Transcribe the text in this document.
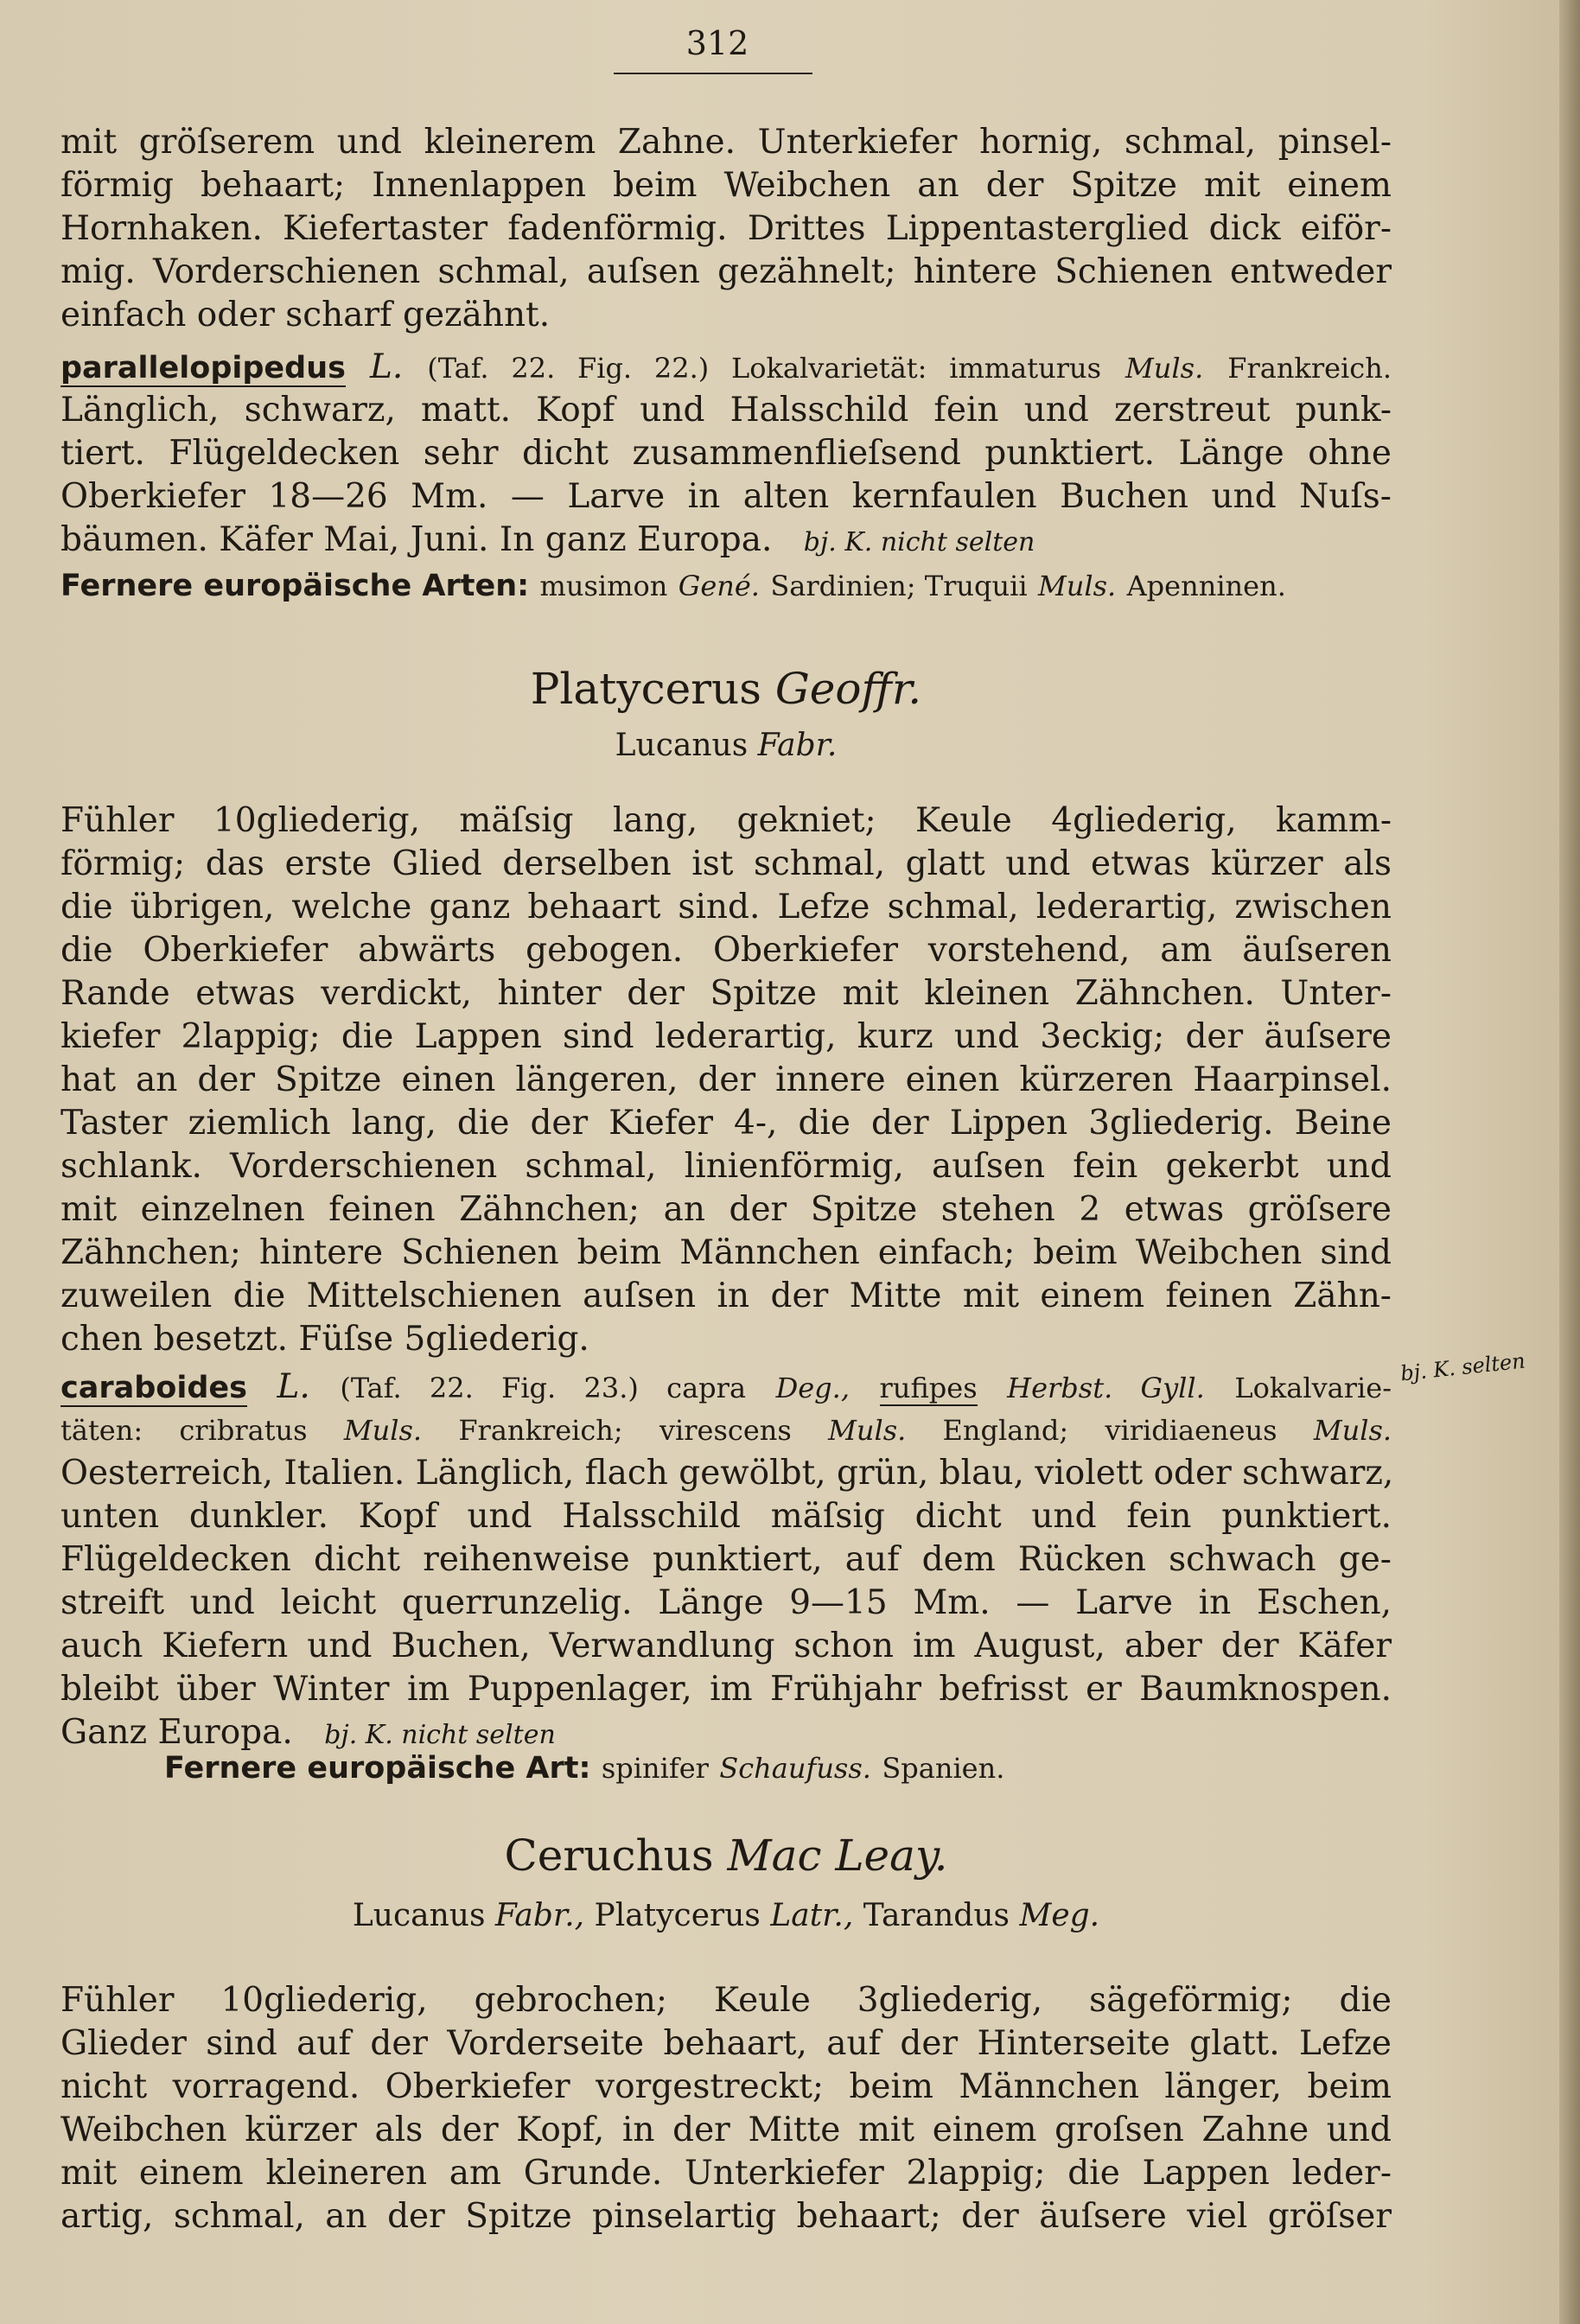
312
mit gröſserem und kleinerem Zahne. Unterkiefer hornig, schmal, pinsel-
förmig behaart; Innenlappen beim Weibchen an der Spitze mit einem
Hornhaken. Kiefertaster fadenförmig. Drittes Lippentasterglied dick eiför-
mig. Vorderschienen schmal, auſsen gezähnelt; hintere Schienen entweder
einfach oder scharf gezähnt.
parallelopipedus L. (Taf. 22. Fig. 22.) Lokalvarietät: immaturus Muls. Frankreich.
Länglich, schwarz, matt. Kopf und Halsschild fein und zerstreut punk-
tiert. Flügeldecken sehr dicht zusammenflieſsend punktiert. Länge ohne
Oberkiefer 18—26 Mm. — Larve in alten kernfaulen Buchen und Nuſs-
bäumen. Käfer Mai, Juni. In ganz Europa. bj. K. nicht selten
Fernere europäische Arten: musimon Gené. Sardinien; Truquii Muls. Apenninen.
Platycerus Geoffr.
Lucanus Fabr.
Fühler 10gliederig, mäſsig lang, gekniet; Keule 4gliederig, kamm-
förmig; das erste Glied derselben ist schmal, glatt und etwas kürzer als
die übrigen, welche ganz behaart sind. Lefze schmal, lederartig, zwischen
die Oberkiefer abwärts gebogen. Oberkiefer vorstehend, am äuſseren
Rande etwas verdickt, hinter der Spitze mit kleinen Zähnchen. Unter-
kiefer 2lappig; die Lappen sind lederartig, kurz und 3eckig; der äuſsere
hat an der Spitze einen längeren, der innere einen kürzeren Haarpinsel.
Taster ziemlich lang, die der Kiefer 4-, die der Lippen 3gliederig. Beine
schlank. Vorderschienen schmal, linienförmig, auſsen fein gekerbt und
mit einzelnen feinen Zähnchen; an der Spitze stehen 2 etwas gröſsere
Zähnchen; hintere Schienen beim Männchen einfach; beim Weibchen sind
zuweilen die Mittelschienen auſsen in der Mitte mit einem feinen Zähn-
chen besetzt. Füſse 5gliederig.
caraboides L. (Taf. 22. Fig. 23.) capra Deg., rufipes Herbst. Gyll. Lokalvarie-
täten: cribratus Muls. Frankreich; virescens Muls. England; viridiaeneus Muls.
Oesterreich, Italien. Länglich, flach gewölbt, grün, blau, violett oder schwarz,
unten dunkler. Kopf und Halsschild mäſsig dicht und fein punktiert.
Flügeldecken dicht reihenweise punktiert, auf dem Rücken schwach ge-
streift und leicht querrunzelig. Länge 9—15 Mm. — Larve in Eschen,
auch Kiefern und Buchen, Verwandlung schon im August, aber der Käfer
bleibt über Winter im Puppenlager, im Frühjahr befrisst er Baumknospen.
Ganz Europa. bj. K. nicht selten
bj. K. selten
Fernere europäische Art: spinifer Schaufuss. Spanien.
Ceruchus Mac Leay.
Lucanus Fabr., Platycerus Latr., Tarandus Meg.
Fühler 10gliederig, gebrochen; Keule 3gliederig, sägeförmig; die
Glieder sind auf der Vorderseite behaart, auf der Hinterseite glatt. Lefze
nicht vorragend. Oberkiefer vorgestreckt; beim Männchen länger, beim
Weibchen kürzer als der Kopf, in der Mitte mit einem groſsen Zahne und
mit einem kleineren am Grunde. Unterkiefer 2lappig; die Lappen leder-
artig, schmal, an der Spitze pinselartig behaart; der äuſsere viel gröſser
